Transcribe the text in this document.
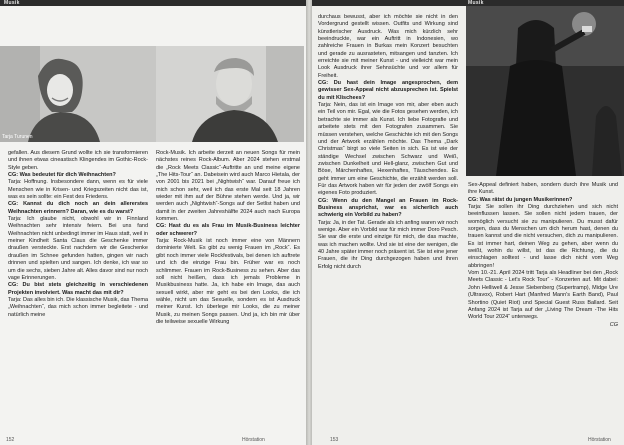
Musik
Tarja Turunen

gefallen. Aus diesem Grund wollte ich sie transformieren und ihnen etwas cineastisch Klingendes im Gothic-Rock-Style geben.

CG: Was bedeutet für dich Weihnachten?

Tarja: Hoffnung. Insbesondere dann, wenn es für viele Menschen wie in Krisen- und Kriegszeiten nicht das ist, was es sein sollte: ein Fest des Friedens.

CG: Kannst du dich noch an dein allererstes Weihnachten erinnern? Daran, wie es du warst?

Tarja: Ich glaube nicht, obwohl wir in Finnland Weihnachten sehr intensiv feiern. Bei uns fand Weihnachten nicht unbedingt immer im Haus statt, weil in meiner Kindheit Santa Claus die Geschenke immer draußen versteckte. Erst nachdem wir die Geschenke draußen im Schnee gefunden hatten, gingen wir nach drinnen und spielten und sangen. Ich denke, ich war so um die sechs, sieben Jahre alt. Alles davor sind nur noch vage Erinnerungen.

CG: Du bist stets gleichzeitig in verschiedenen Projekten involviert. Was macht das mit dir?

Tarja: Das alles bin ich. Die klassische Musik, das Thema „Weihnachten“, das mich schon immer begleitete - und natürlich meine

Rock-Musik. Ich arbeite derzeit an neuen Songs für mein nächstes reines Rock-Album. Aber 2024 stehen erstmal die „Rock Meets Classic“-Auftritte an und meine eigene „The Hits-Tour“ an. Dabeisein wird auch Marco Hietala, der von 2001 bis 2021 bei „Nightwish“ war. Darauf freue ich mich schon sehr, weil ich das erste Mal seit 18 Jahren wieder mit ihm auf der Bühne stehen werde. Und ja, wir werden auch „Nightwish“-Songs auf der Setlist haben und damit in der zweiten Jahreshälfte 2024 auch nach Europa kommen.

CG: Hast du es als Frau im Musik-Business leichter oder schwerer?

Tarja: Rock-Musik ist noch immer eine von Männern dominierte Welt. Es gibt zu wenig Frauen im „Rock“. Es gibt noch immer viele Rockfestivals, bei denen ich auftrete und ich die einzige Frau bin. Früher war es noch schlimmer. Frauen im Rock-Business zu sehen. Aber das soll nicht heißen, dass ich jemals Probleme in Musikbusiness hatte. Ja, ich habe ein Image, das auch sexuell wirkt, aber mir geht es bei den Looks, die ich wähle, nicht um das Sexuelle, sondern es ist Ausdruck meiner Kunst. Ich überlege mir Looks, die zu meiner Musik, zu meinen Songs passen. Und ja, ich bin mir über die teilweise sexuelle Wirkung

152	Hörstation
Musik

durchaus bewusst, aber ich möchte sie nicht in den Vordergrund gestellt wissen. Outfits und Wirkung sind künstlerischer Ausdruck. Was mich kürzlich sehr beeindruckte, war ein Auftritt in Indonesien, wo zahlreiche Frauen in Burkas mein Konzert besuchten und gerade zu ausrasteten, mitsangen und tanzten. Ich erreichte sie mit meiner Kunst - und vielleicht war mein Look Ausdruck ihrer Sehnsüchte und vor allem für Freiheit.

CG: Du hast dein Image angesprochen, dem gewisser Sex-Appeal nicht abzusprechen ist. Spielst du mit Klischees?

Tarja: Nein, das ist ein Image von mir, aber eben auch ein Teil von mir. Egal, wie die Fotos gesehen werden, ich betrachte sie immer als Kunst. Ich liebe Fotografie und arbeitete stets mit den Fotografen zusammen. Sie müssen verstehen, welche Geschichte ich mit den Songs und der Artwork erzählen möchte. Das Thema „Dark Christmas“ birgt so viele Seiten in sich. Es ist wie der ständige Wechsel zwischen Schwarz und Weiß, zwischen Dunkelheit und Hell-glanz, zwischen Gut und Böse, Märchenhaftes, Hexenhaftes, Täuschendes. Es geht immer um eine Geschichte, die erzählt werden soll. Für das Artwork haben wir für jeden der zwölf Songs ein eigenes Foto produziert.

CG: Wenn du den Mangel an Frauen im Rock-Business ansprichst, war es sicherlich auch schwierig ein Vorbild zu haben?

Tarja: Ja, in der Tat. Gerade als ich anfing waren wir noch wenige. Aber ein Vorbild war für mich immer Doro Pesch. Sie war die erste und einzige für mich, die das machte, was ich machen wollte. Und sie ist eine der wenigen, die 40 Jahre später immer noch präsent ist. Sie ist eine jener Frauen, die ihr Ding durchgezogen haben und ihren Erfolg nicht durch

Sex-Appeal definiert haben, sondern durch ihre Musik und ihre Kunst.

CG: Was rätst du jungen Musikerinnen?

Tarja: Sie sollen ihr Ding durchziehen und sich nicht beeinflussen lassen. Sie sollen nicht jedem trauen, der womöglich versucht sie zu manipulieren. Du musst dafür sorgen, dass du Menschen um dich herum hast, denen du trauen kannst und die nicht versuchen, dich zu manipulieren. Es ist immer hart, deinen Weg zu gehen, aber wenn du weißt, wohin du willst, ist das die Richtung, die du einschlagen solltest - und lasse dich nicht vom Weg abbringen!

Vom 10.-21. April 2024 tritt Tarja als Headliner bei den „Rock Meets Classic - Let's Rock Tour“ - Konzerten auf. Mit dabei: John Helliwell & Jesse Siebenberg (Supertramp), Midge Ure (Ultravox), Robert Hart (Manfred Mann's Earth Band), Paul Shortino (Quiet Riot) und Special Guest Russ Ballard. Seit Anfang 2024 ist Tarja auf der „Living The Dream -The Hits World Tour 2024“ unterwegs.

CG

153	Hörstation
